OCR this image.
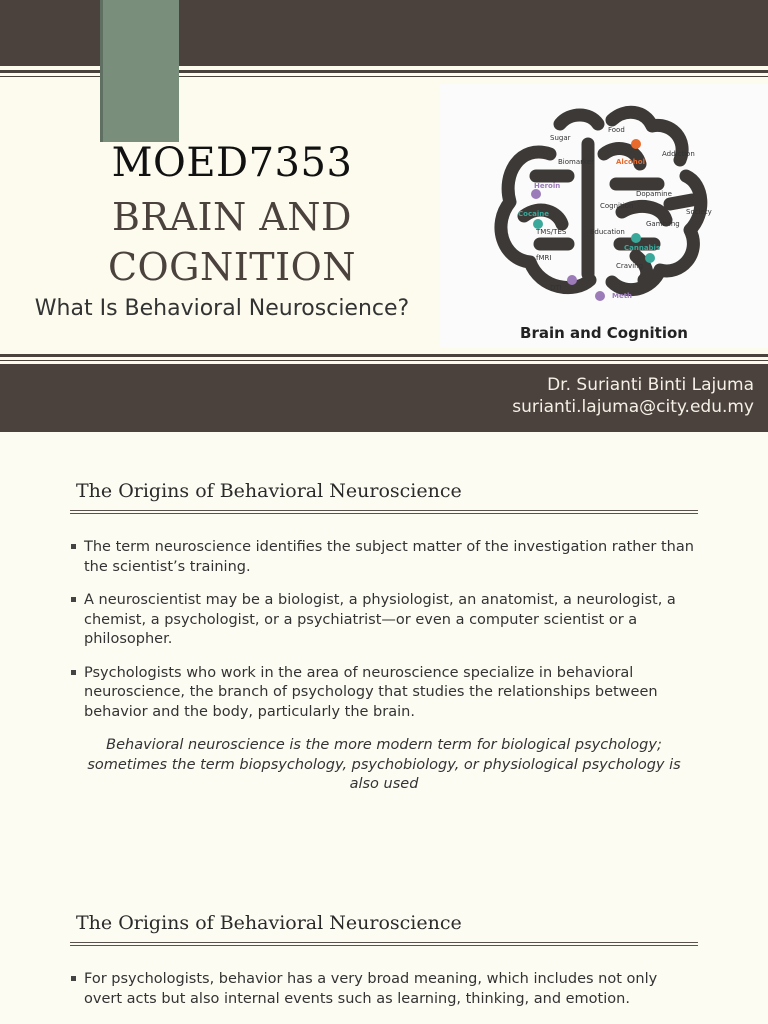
MOED7353
BRAIN AND
COGNITION
What Is Behavioral Neuroscience?
Sugar
Food
Biomarker	Alcohol
Addiction
Heroin
Cocaine
Dopamine
Gambling
Society
Cognition
TMS/TES
fMRI
Education
Cannabis
Craving
DTI
Meth
Brain and Cognition
Dr. Surianti Binti Lajuma
surianti.lajuma@city.edu.my
The Origins of Behavioral Neuroscience
The term neuroscience identifies the subject matter of the investigation rather than the scientist’s training.
A neuroscientist may be a biologist, a physiologist, an anatomist, a neurologist, a chemist, a psychologist, or a psychiatrist—or even a computer scientist or a philosopher.
Psychologists who work in the area of neuroscience specialize in behavioral neuroscience, the branch of psychology that studies the relationships between behavior and the body, particularly the brain.
Behavioral neuroscience is the more modern term for biological psychology; sometimes the term biopsychology, psychobiology, or physiological psychology is also used
The Origins of Behavioral Neuroscience
For psychologists, behavior has a very broad meaning, which includes not only overt acts but also internal events such as learning, thinking, and emotion.
